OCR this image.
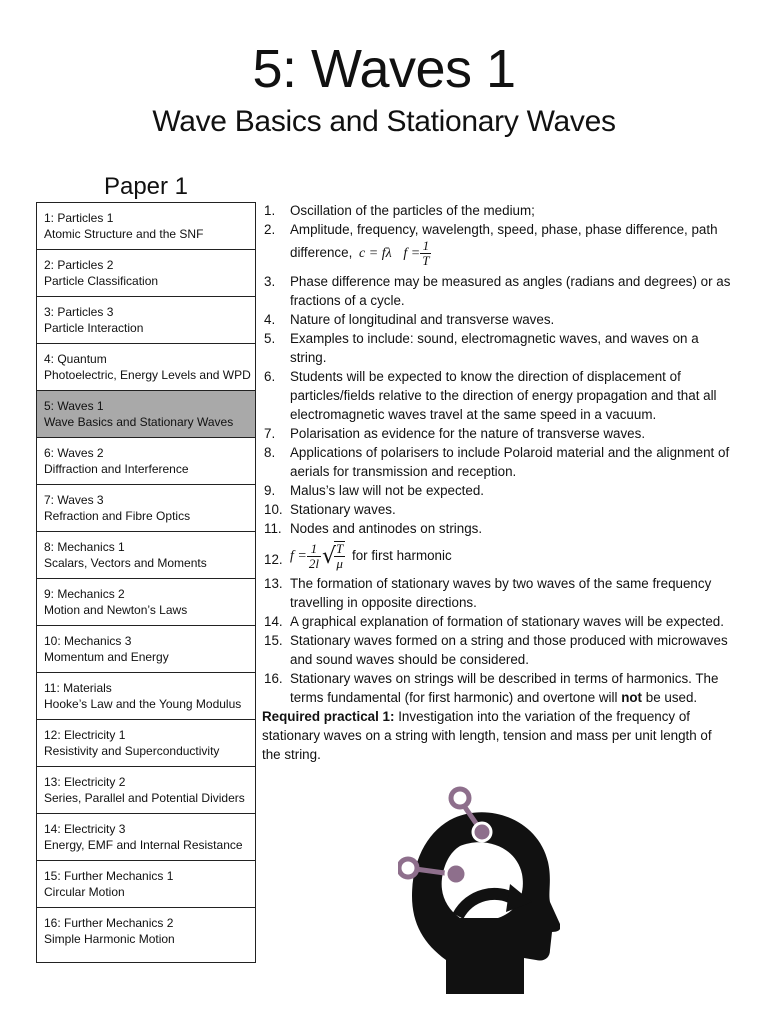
5: Waves 1
Wave Basics and Stationary Waves
Paper 1
1: Particles 1
Atomic Structure and the SNF
2: Particles 2
Particle Classification
3: Particles 3
Particle Interaction
4: Quantum
Photoelectric, Energy Levels and WPD
5: Waves 1
Wave Basics and Stationary Waves
6: Waves 2
Diffraction and Interference
7: Waves 3
Refraction and Fibre Optics
8: Mechanics 1
Scalars, Vectors and Moments
9: Mechanics 2
Motion and Newton’s Laws
10: Mechanics 3
Momentum and Energy
11: Materials
Hooke’s Law and the Young Modulus
12: Electricity 1
Resistivity and Superconductivity
13: Electricity 2
Series, Parallel and Potential Dividers
14: Electricity 3
Energy, EMF and Internal Resistance
15: Further Mechanics 1
Circular Motion
16: Further Mechanics 2
Simple Harmonic Motion
1. Oscillation of the particles of the medium;
2. Amplitude, frequency, wavelength, speed, phase, phase difference, path difference, c = fλ $f = \frac{1}{T}$
3. Phase difference may be measured as angles (radians and degrees) or as fractions of a cycle.
4. Nature of longitudinal and transverse waves.
5. Examples to include: sound, electromagnetic waves, and waves on a string.
6. Students will be expected to know the direction of displacement of particles/fields relative to the direction of energy propagation and that all electromagnetic waves travel at the same speed in a vacuum.
7. Polarisation as evidence for the nature of transverse waves.
8. Applications of polarisers to include Polaroid material and the alignment of aerials for transmission and reception.
9. Malus’s law will not be expected.
10. Stationary waves.
11. Nodes and antinodes on strings.
12. $f = \frac{1}{2l}$ √
$\frac{T}{\mu}$ for first harmonic
13. The formation of stationary waves by two waves of the same frequency travelling in opposite directions.
14. A graphical explanation of formation of stationary waves will be expected.
15. Stationary waves formed on a string and those produced with microwaves and sound waves should be considered.
16. Stationary waves on strings will be described in terms of harmonics. The terms fundamental (for first harmonic) and overtone will not be used.
Required practical 1: Investigation into the variation of the frequency of stationary waves on a string with length, tension and mass per unit length of the string.
